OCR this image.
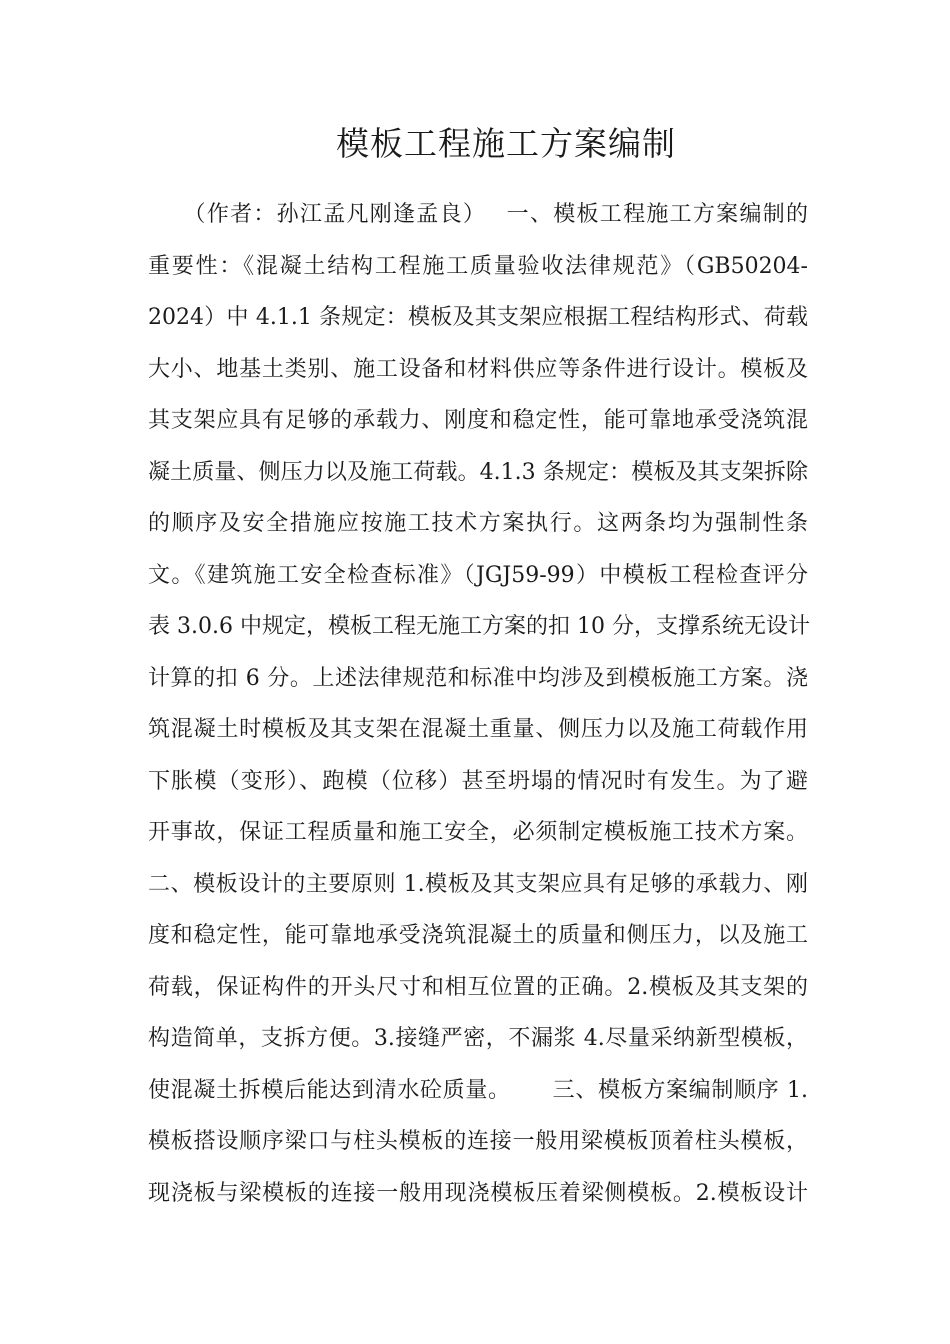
模板工程施工方案编制
　　（作者：孙江孟凡刚逢孟良）　 一、模板工程施工方案编制的
重要性：《混凝土结构工程施工质量验收法律规范》（GB50204-
2024）中 4.1.1 条规定：模板及其支架应根据工程结构形式、荷载
大小、地基土类别、施工设备和材料供应等条件进行设计。模板及
其支架应具有足够的承载力、刚度和稳定性，能可靠地承受浇筑混
凝土质量、侧压力以及施工荷载。4.1.3 条规定：模板及其支架拆除
的顺序及安全措施应按施工技术方案执行。这两条均为强制性条
文。《建筑施工安全检查标准》（JGJ59-99）中模板工程检查评分
表 3.0.6 中规定，模板工程无施工方案的扣 10 分，支撑系统无设计
计算的扣 6 分。上述法律规范和标准中均涉及到模板施工方案。浇
筑混凝土时模板及其支架在混凝土重量、侧压力以及施工荷载作用
下胀模（变形）、跑模（位移）甚至坍塌的情况时有发生。为了避
开事故，保证工程质量和施工安全，必须制定模板施工技术方案。
二、模板设计的主要原则 1.模板及其支架应具有足够的承载力、刚
度和稳定性，能可靠地承受浇筑混凝土的质量和侧压力，以及施工
荷载，保证构件的开头尺寸和相互位置的正确。2.模板及其支架的
构造简单，支拆方便。3.接缝严密，不漏浆 4.尽量采纳新型模板，
使混凝土拆模后能达到清水砼质量。　　 三、模板方案编制顺序 1.
模板搭设顺序梁口与柱头模板的连接一般用梁模板顶着柱头模板，
现浇板与梁模板的连接一般用现浇模板压着梁侧模板。2.模板设计
